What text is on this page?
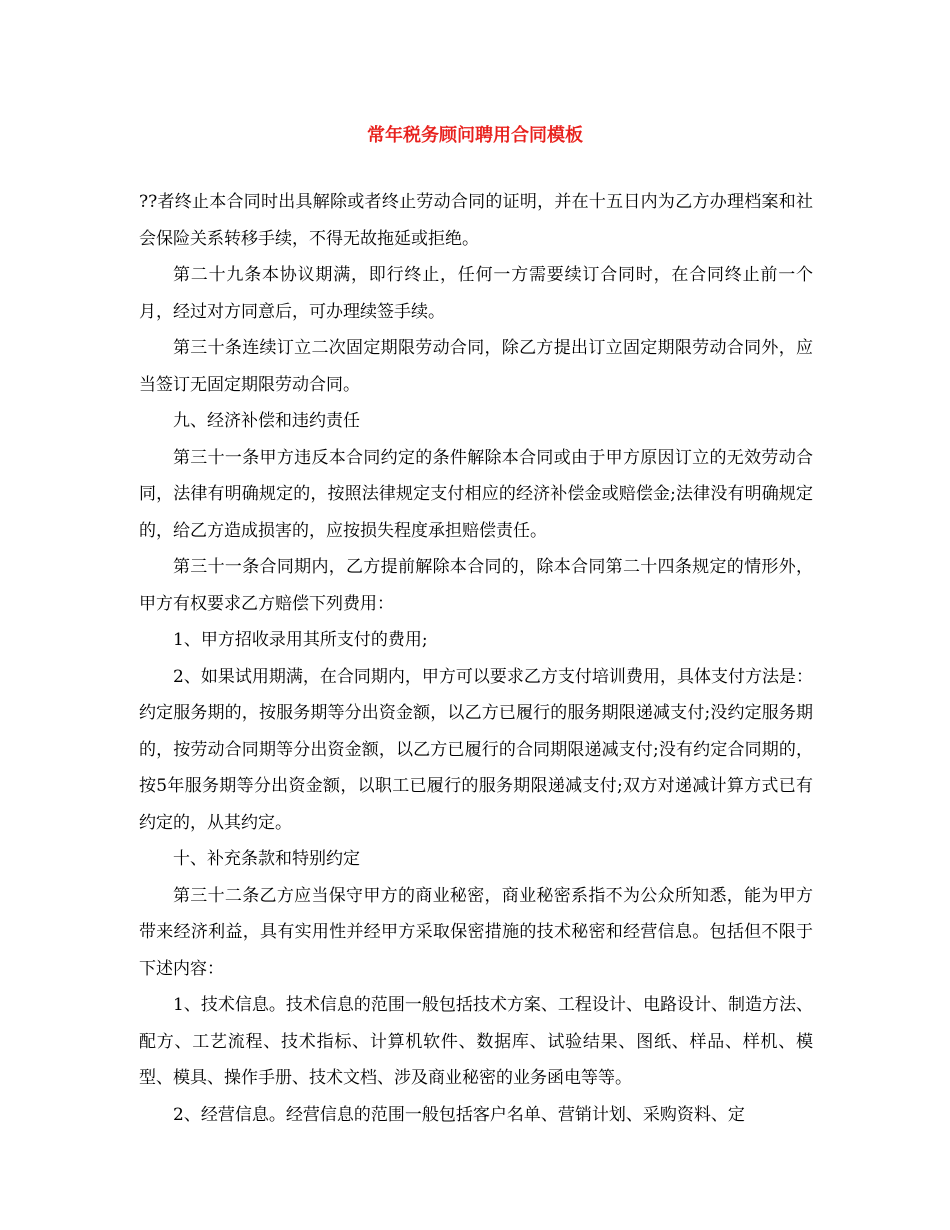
常年税务顾问聘用合同模板

??者终止本合同时出具解除或者终止劳动合同的证明，并在十五日内为乙方办理档案和社会保险关系转移手续，不得无故拖延或拒绝。

第二十九条本协议期满，即行终止，任何一方需要续订合同时，在合同终止前一个月，经过对方同意后，可办理续签手续。

第三十条连续订立二次固定期限劳动合同，除乙方提出订立固定期限劳动合同外，应当签订无固定期限劳动合同。

九、经济补偿和违约责任

第三十一条甲方违反本合同约定的条件解除本合同或由于甲方原因订立的无效劳动合同，法律有明确规定的，按照法律规定支付相应的经济补偿金或赔偿金;法律没有明确规定的，给乙方造成损害的，应按损失程度承担赔偿责任。

第三十一条合同期内，乙方提前解除本合同的，除本合同第二十四条规定的情形外，甲方有权要求乙方赔偿下列费用：

1、甲方招收录用其所支付的费用;

2、如果试用期满，在合同期内，甲方可以要求乙方支付培训费用，具体支付方法是：约定服务期的，按服务期等分出资金额，以乙方已履行的服务期限递减支付;没约定服务期的，按劳动合同期等分出资金额，以乙方已履行的合同期限递减支付;没有约定合同期的，按5年服务期等分出资金额，以职工已履行的服务期限递减支付;双方对递减计算方式已有约定的，从其约定。

十、补充条款和特别约定

第三十二条乙方应当保守甲方的商业秘密，商业秘密系指不为公众所知悉，能为甲方带来经济利益，具有实用性并经甲方采取保密措施的技术秘密和经营信息。包括但不限于下述内容：

1、技术信息。技术信息的范围一般包括技术方案、工程设计、电路设计、制造方法、配方、工艺流程、技术指标、计算机软件、数据库、试验结果、图纸、样品、样机、模型、模具、操作手册、技术文档、涉及商业秘密的业务函电等等。

2、经营信息。经营信息的范围一般包括客户名单、营销计划、采购资料、定
